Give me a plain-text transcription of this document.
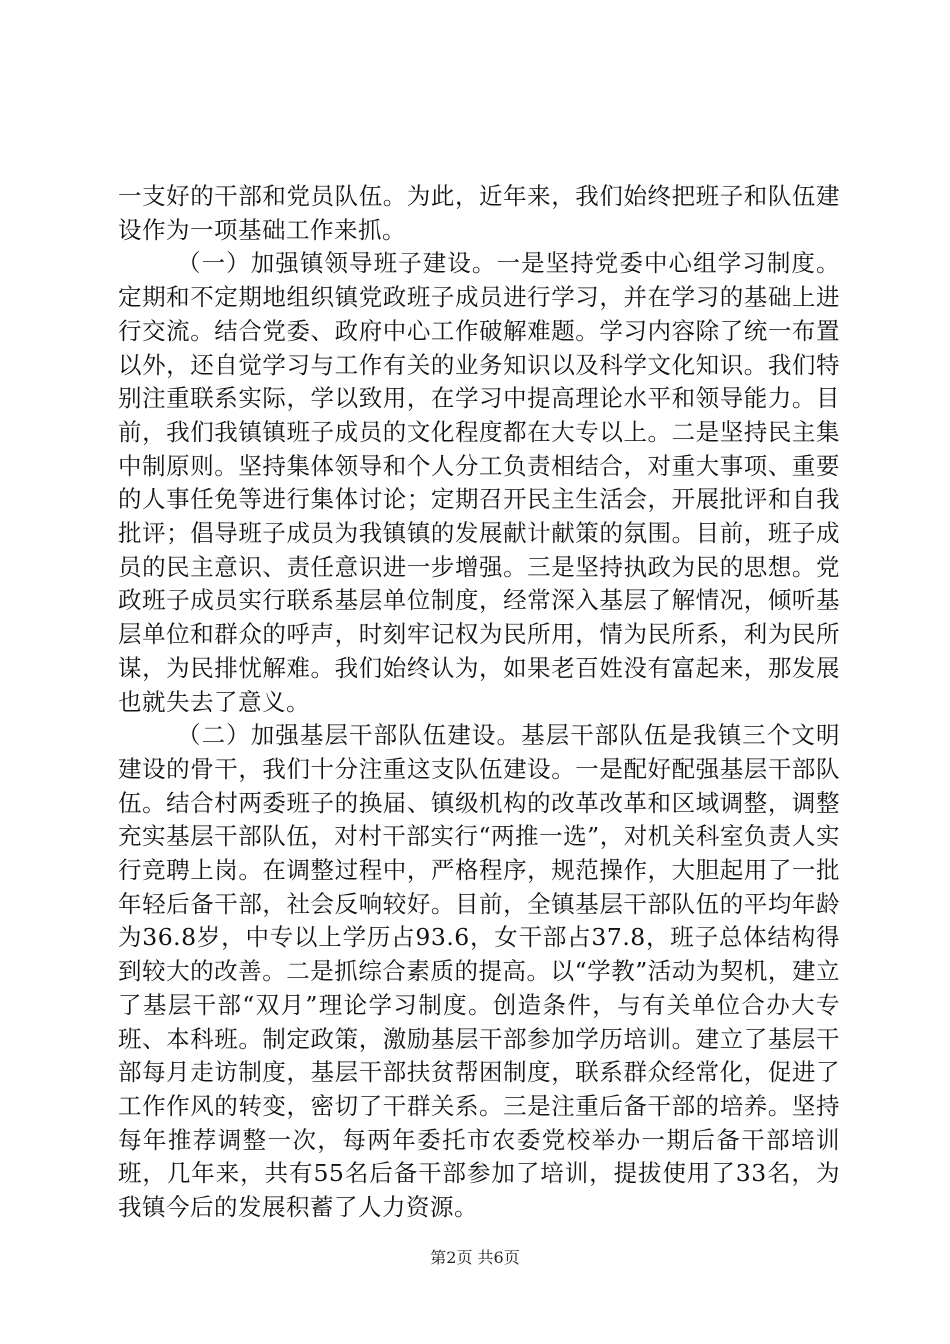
一支好的干部和党员队伍。为此，近年来，我们始终把班子和队伍建设作为一项基础工作来抓。

（一）加强镇领导班子建设。一是坚持党委中心组学习制度。定期和不定期地组织镇党政班子成员进行学习，并在学习的基础上进行交流。结合党委、政府中心工作破解难题。学习内容除了统一布置以外，还自觉学习与工作有关的业务知识以及科学文化知识。我们特别注重联系实际，学以致用，在学习中提高理论水平和领导能力。目前，我们我镇镇班子成员的文化程度都在大专以上。二是坚持民主集中制原则。坚持集体领导和个人分工负责相结合，对重大事项、重要的人事任免等进行集体讨论；定期召开民主生活会，开展批评和自我批评；倡导班子成员为我镇镇的发展献计献策的氛围。目前，班子成员的民主意识、责任意识进一步增强。三是坚持执政为民的思想。党政班子成员实行联系基层单位制度，经常深入基层了解情况，倾听基层单位和群众的呼声，时刻牢记权为民所用，情为民所系，利为民所谋，为民排忧解难。我们始终认为，如果老百姓没有富起来，那发展也就失去了意义。

（二）加强基层干部队伍建设。基层干部队伍是我镇三个文明建设的骨干，我们十分注重这支队伍建设。一是配好配强基层干部队伍。结合村两委班子的换届、镇级机构的改革改革和区域调整，调整充实基层干部队伍，对村干部实行“两推一选”，对机关科室负责人实行竞聘上岗。在调整过程中，严格程序，规范操作，大胆起用了一批年轻后备干部，社会反响较好。目前，全镇基层干部队伍的平均年龄为36.8岁，中专以上学历占93.6，女干部占37.8，班子总体结构得到较大的改善。二是抓综合素质的提高。以“学教”活动为契机，建立了基层干部“双月”理论学习制度。创造条件，与有关单位合办大专班、本科班。制定政策，激励基层干部参加学历培训。建立了基层干部每月走访制度，基层干部扶贫帮困制度，联系群众经常化，促进了工作作风的转变，密切了干群关系。三是注重后备干部的培养。坚持每年推荐调整一次，每两年委托市农委党校举办一期后备干部培训班，几年来，共有55名后备干部参加了培训，提拔使用了33名，为我镇今后的发展积蓄了人力资源。

第2页 共6页
